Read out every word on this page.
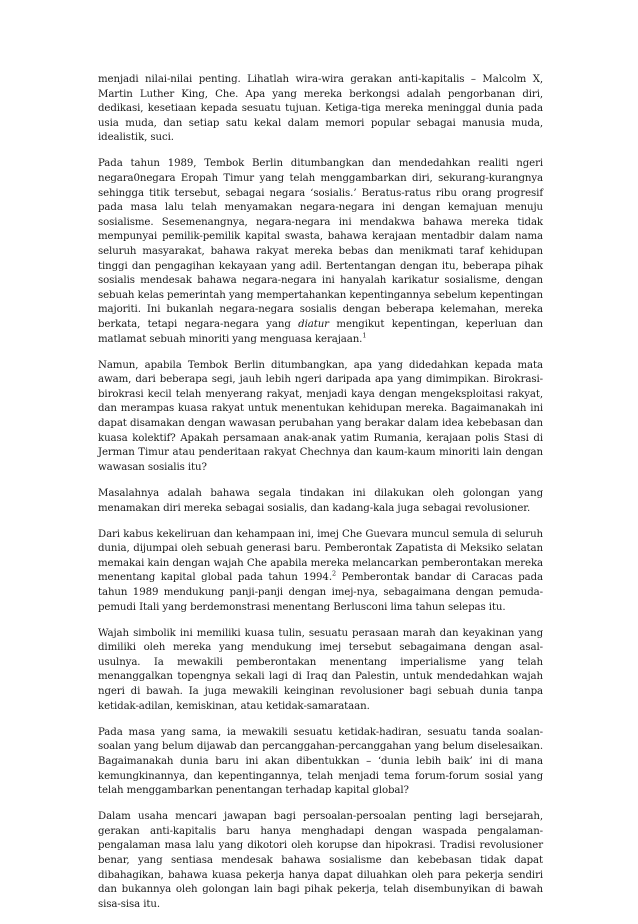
menjadi nilai-nilai penting. Lihatlah wira-wira gerakan anti-kapitalis – Malcolm X, Martin Luther King, Che. Apa yang mereka berkongsi adalah pengorbanan diri, dedikasi, kesetiaan kepada sesuatu tujuan. Ketiga-tiga mereka meninggal dunia pada usia muda, dan setiap satu kekal dalam memori popular sebagai manusia muda, idealistik, suci.

Pada tahun 1989, Tembok Berlin ditumbangkan dan mendedahkan realiti ngeri negara0negara Eropah Timur yang telah menggambarkan diri, sekurang-kurangnya sehingga titik tersebut, sebagai negara ‘sosialis.’ Beratus-ratus ribu orang progresif pada masa lalu telah menyamakan negara-negara ini dengan kemajuan menuju sosialisme. Sesemenangnya, negara-negara ini mendakwa bahawa mereka tidak mempunyai pemilik-pemilik kapital swasta, bahawa kerajaan mentadbir dalam nama seluruh masyarakat, bahawa rakyat mereka bebas dan menikmati taraf kehidupan tinggi dan pengagihan kekayaan yang adil. Bertentangan dengan itu, beberapa pihak sosialis mendesak bahawa negara-negara ini hanyalah karikatur sosialisme, dengan sebuah kelas pemerintah yang mempertahankan kepentingannya sebelum kepentingan majoriti. Ini bukanlah negara-negara sosialis dengan beberapa kelemahan, mereka berkata, tetapi negara-negara yang diatur mengikut kepentingan, keperluan dan matlamat sebuah minoriti yang menguasa kerajaan.$^1$

Namun, apabila Tembok Berlin ditumbangkan, apa yang didedahkan kepada mata awam, dari beberapa segi, jauh lebih ngeri daripada apa yang dimimpikan. Birokrasi-birokrasi kecil telah menyerang rakyat, menjadi kaya dengan mengeksploitasi rakyat, dan merampas kuasa rakyat untuk menentukan kehidupan mereka. Bagaimanakah ini dapat disamakan dengan wawasan perubahan yang berakar dalam idea kebebasan dan kuasa kolektif? Apakah persamaan anak-anak yatim Rumania, kerajaan polis Stasi di Jerman Timur atau penderitaan rakyat Chechnya dan kaum-kaum minoriti lain dengan wawasan sosialis itu?

Masalahnya adalah bahawa segala tindakan ini dilakukan oleh golongan yang menamakan diri mereka sebagai sosialis, dan kadang-kala juga sebagai revolusioner.

Dari kabus kekeliruan dan kehampaan ini, imej Che Guevara muncul semula di seluruh dunia, dijumpai oleh sebuah generasi baru. Pemberontak Zapatista di Meksiko selatan memakai kain dengan wajah Che apabila mereka melancarkan pemberontakan mereka menentang kapital global pada tahun 1994.$^2$ Pemberontak bandar di Caracas pada tahun 1989 mendukung panji-panji dengan imej-nya, sebagaimana dengan pemuda-pemudi Itali yang berdemonstrasi menentang Berlusconi lima tahun selepas itu.

Wajah simbolik ini memiliki kuasa tulin, sesuatu perasaan marah dan keyakinan yang dimiliki oleh mereka yang mendukung imej tersebut sebagaimana dengan asal-usulnya. Ia mewakili pemberontakan menentang imperialisme yang telah menanggalkan topengnya sekali lagi di Iraq dan Palestin, untuk mendedahkan wajah ngeri di bawah. Ia juga mewakili keinginan revolusioner bagi sebuah dunia tanpa ketidak-adilan, kemiskinan, atau ketidak-samarataan.

Pada masa yang sama, ia mewakili sesuatu ketidak-hadiran, sesuatu tanda soalan-soalan yang belum dijawab dan percanggahan-percanggahan yang belum diselesaikan. Bagaimanakah dunia baru ini akan dibentukkan – ‘dunia lebih baik’ ini di mana kemungkinannya, dan kepentingannya, telah menjadi tema forum-forum sosial yang telah menggambarkan penentangan terhadap kapital global?

Dalam usaha mencari jawapan bagi persoalan-persoalan penting lagi bersejarah, gerakan anti-kapitalis baru hanya menghadapi dengan waspada pengalaman-pengalaman masa lalu yang dikotori oleh korupse dan hipokrasi. Tradisi revolusioner benar, yang sentiasa mendesak bahawa sosialisme dan kebebasan tidak dapat dibahagikan, bahawa kuasa pekerja hanya dapat diluahkan oleh para pekerja sendiri dan bukannya oleh golongan lain bagi pihak pekerja, telah disembunyikan di bawah sisa-sisa itu.
